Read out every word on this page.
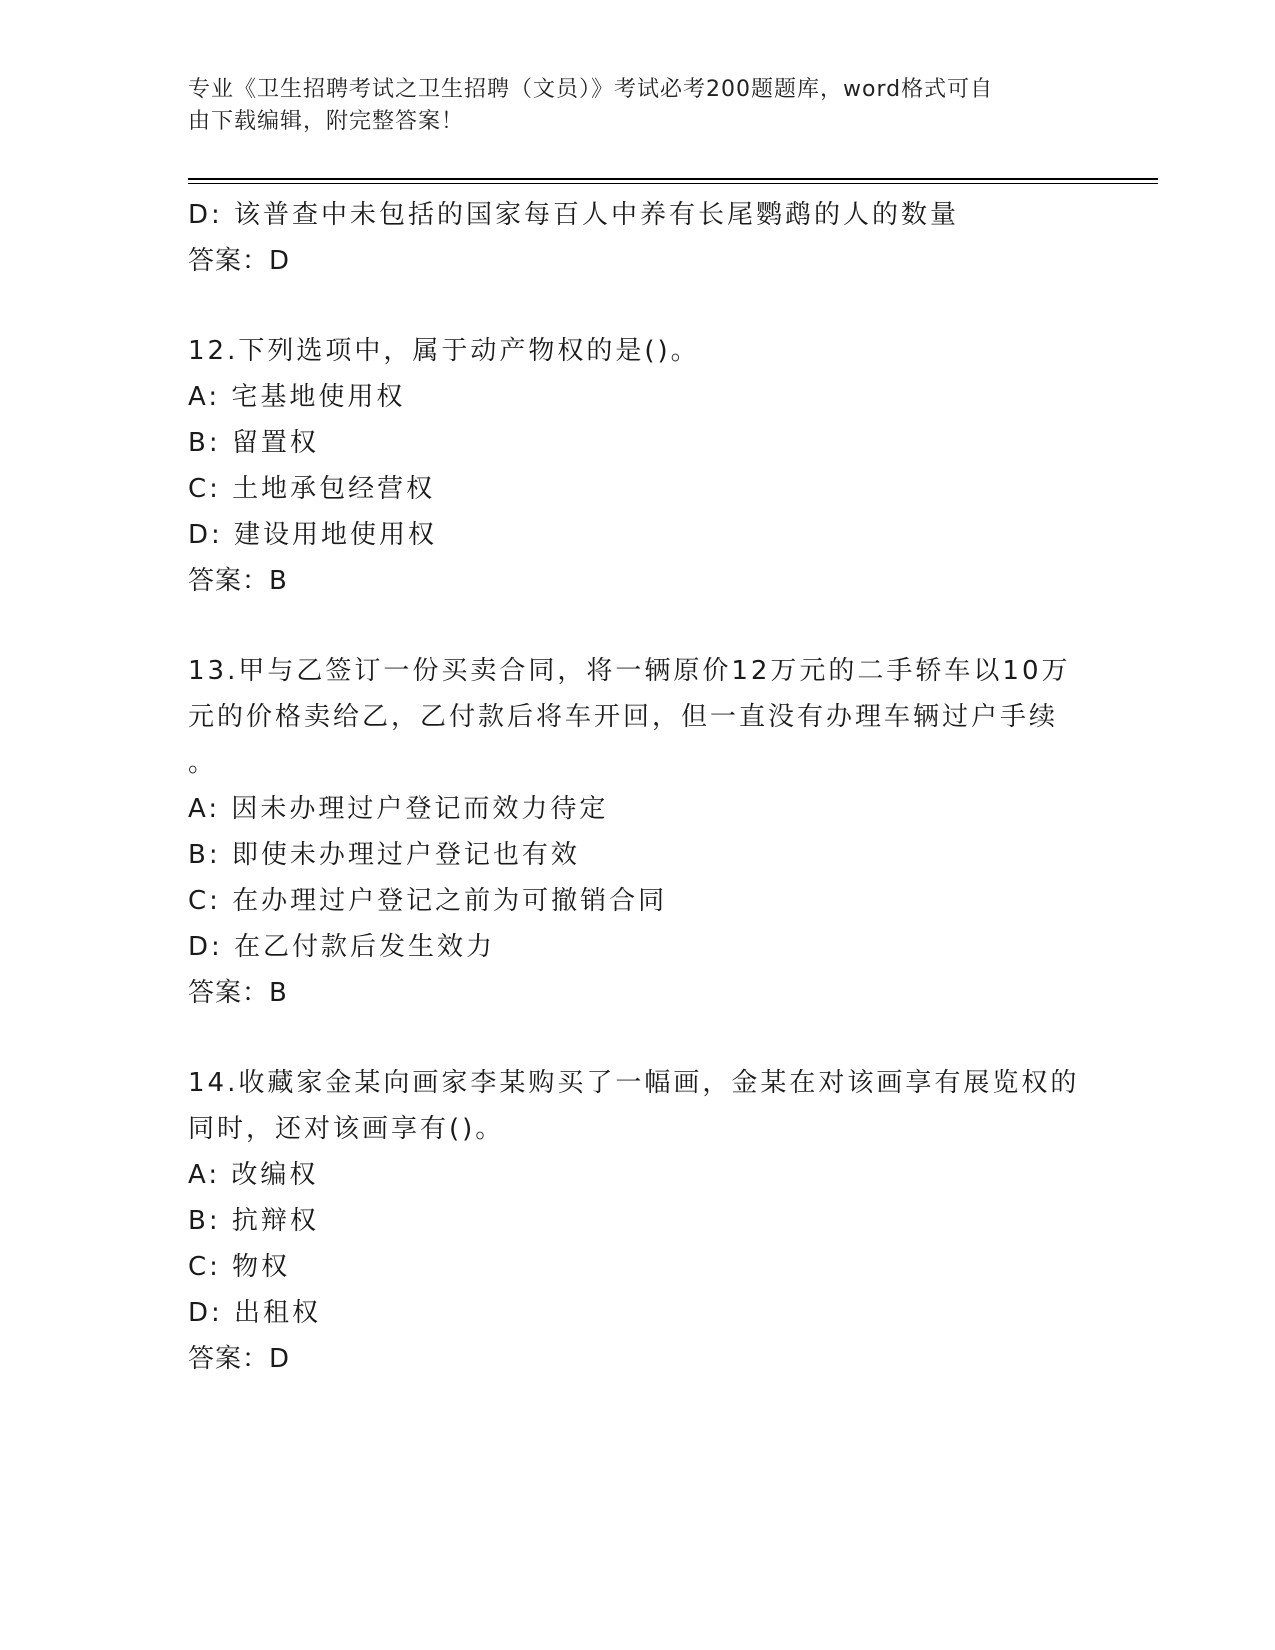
专业《卫生招聘考试之卫生招聘（文员）》考试必考200题题库，word格式可自
由下载编辑，附完整答案！
D: 该普查中未包括的国家每百人中养有长尾鹦鹉的人的数量
答案：D
12.下列选项中，属于动产物权的是()。
A: 宅基地使用权
B: 留置权
C: 土地承包经营权
D: 建设用地使用权
答案：B
13.甲与乙签订一份买卖合同，将一辆原价12万元的二手轿车以10万
元的价格卖给乙，乙付款后将车开回，但一直没有办理车辆过户手续
。
A: 因未办理过户登记而效力待定
B: 即使未办理过户登记也有效
C: 在办理过户登记之前为可撤销合同
D: 在乙付款后发生效力
答案：B
14.收藏家金某向画家李某购买了一幅画，金某在对该画享有展览权的
同时，还对该画享有()。
A: 改编权
B: 抗辩权
C: 物权
D: 出租权
答案：D
